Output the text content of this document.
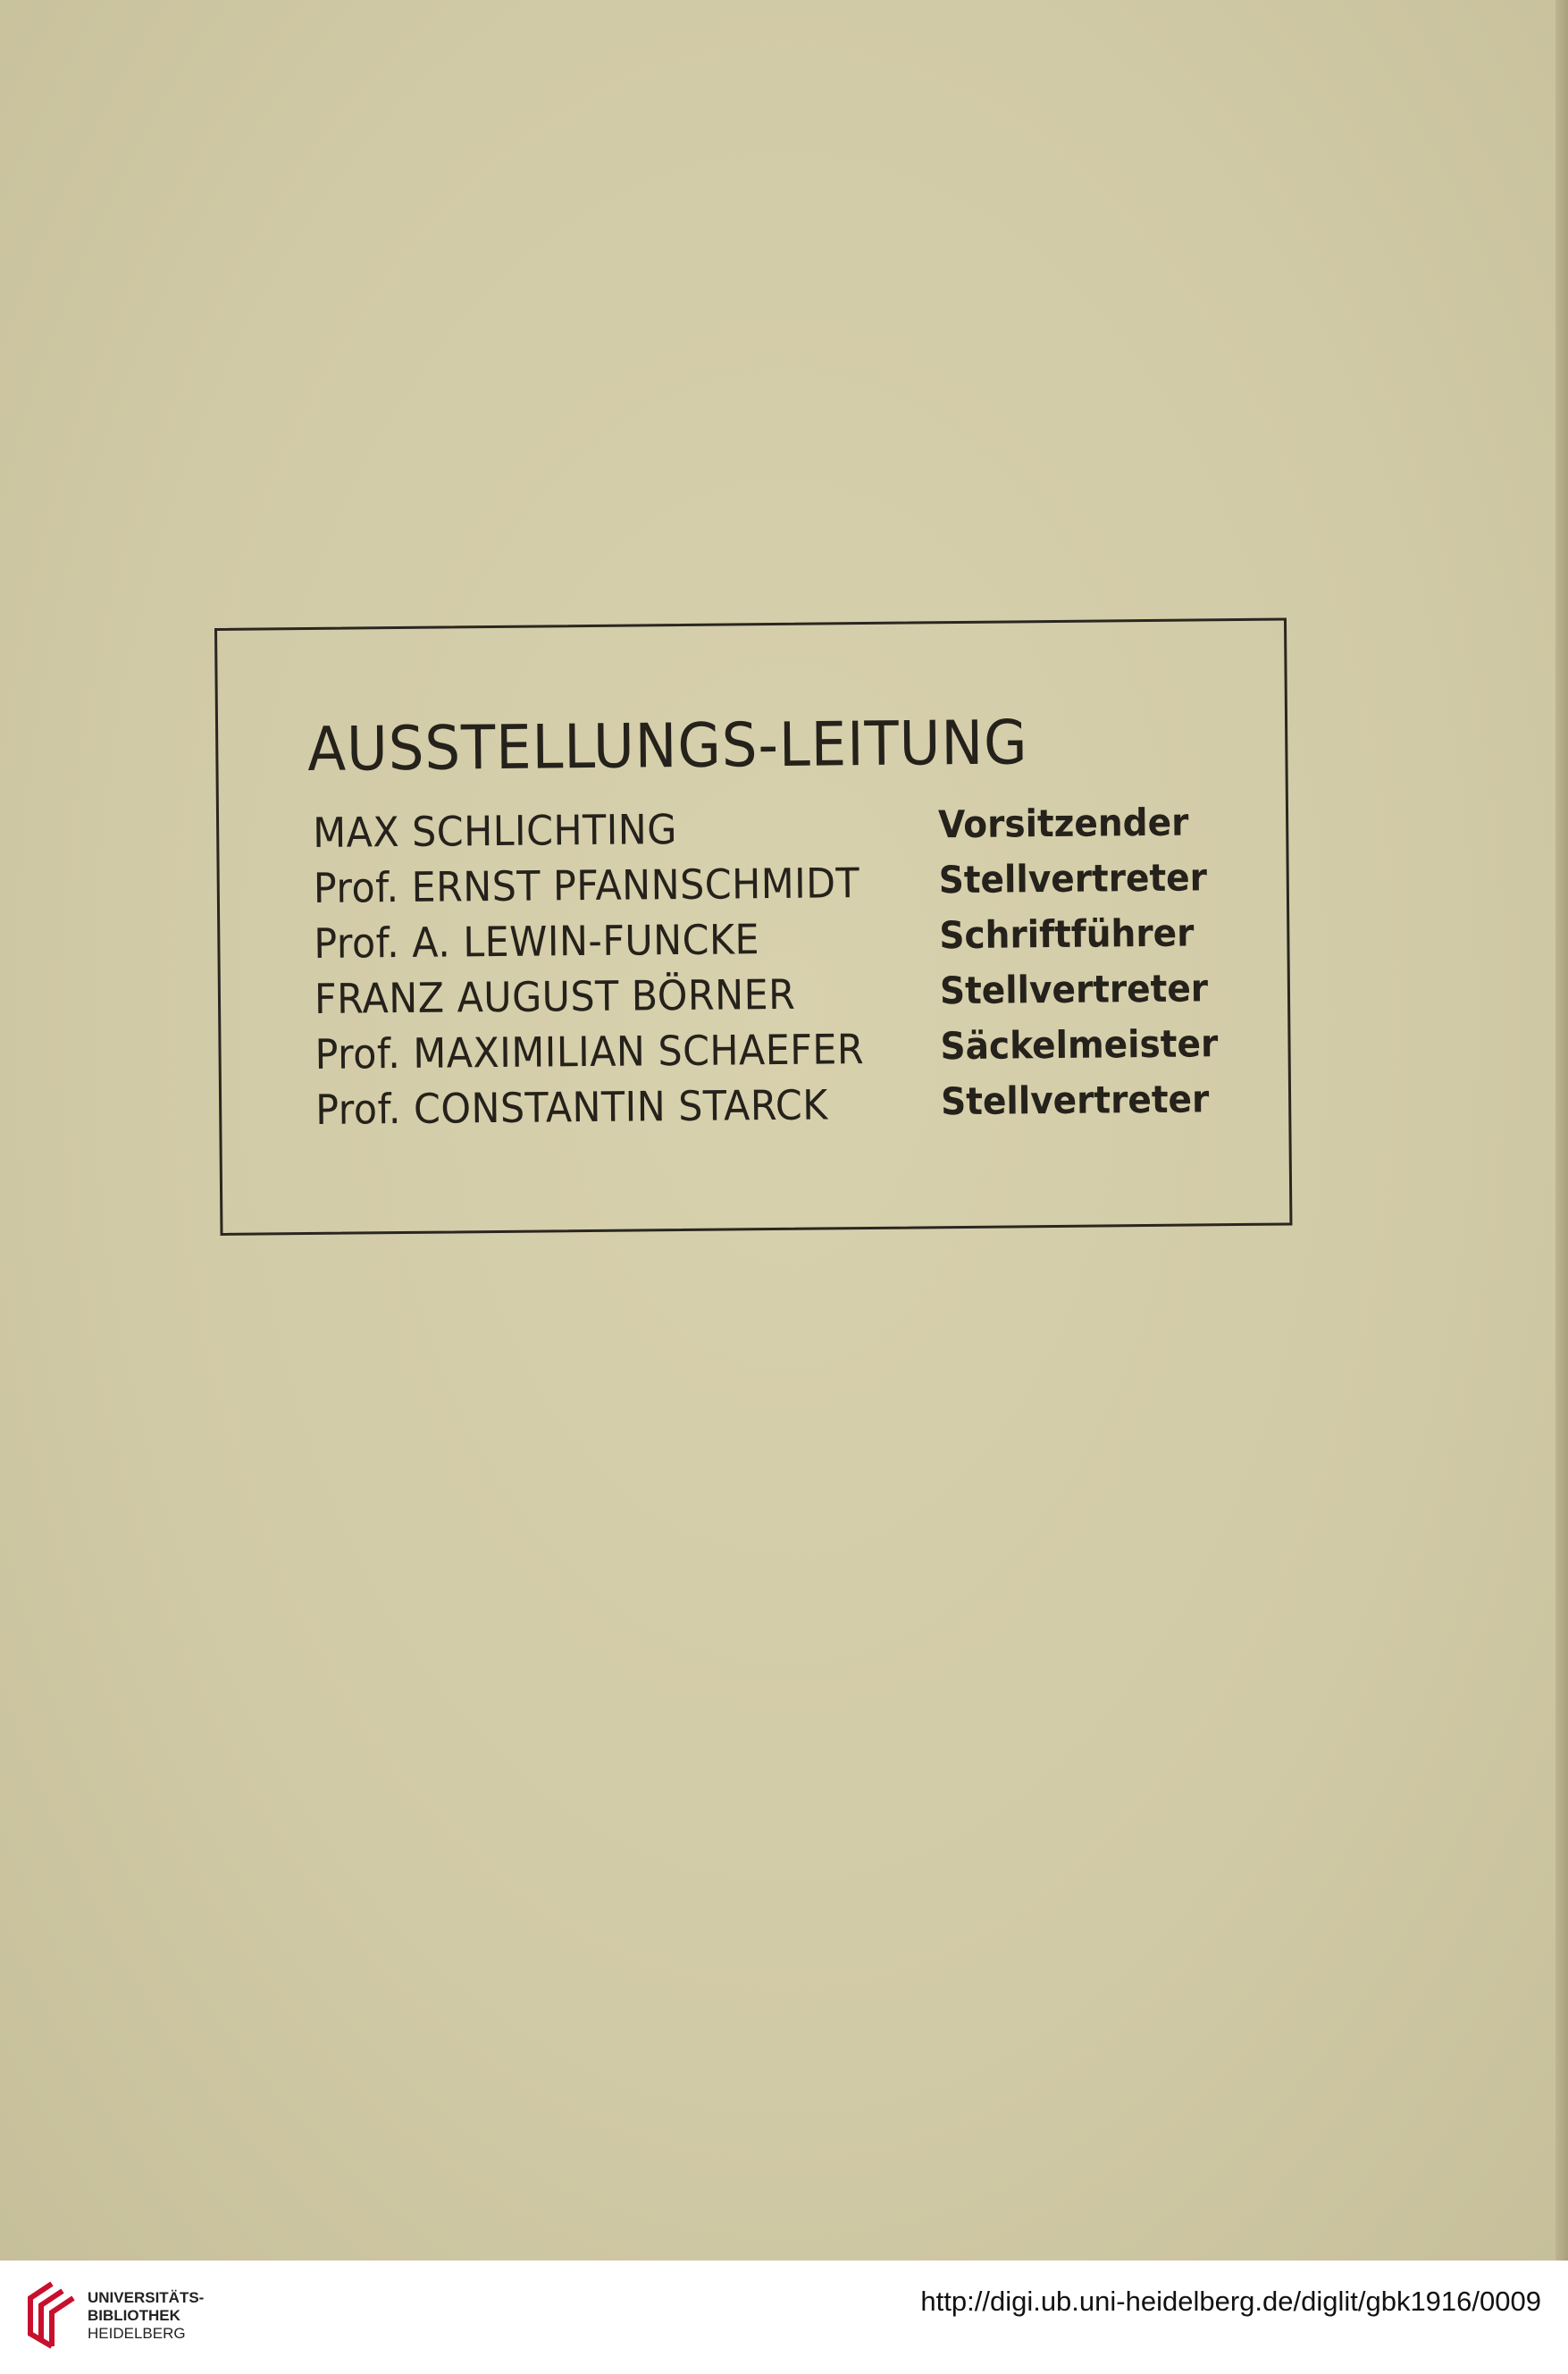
AUSSTELLUNGS-LEITUNG
MAX SCHLICHTING	Vorsitzender
Prof. ERNST PFANNSCHMIDT Stellvertreter
Prof. A. LEWIN-FUNCKE	Schriftführer
FRANZ AUGUST BÖRNER	Stellvertreter
Prof. MAXIMILIAN SCHAEFER Säckelmeister
Prof. CONSTANTIN STARCK	Stellvertreter
UNIVERSITÄTS-
BIBLIOTHEK
HEIDELBERG
http://digi.ub.uni-heidelberg.de/diglit/gbk1916/0009
